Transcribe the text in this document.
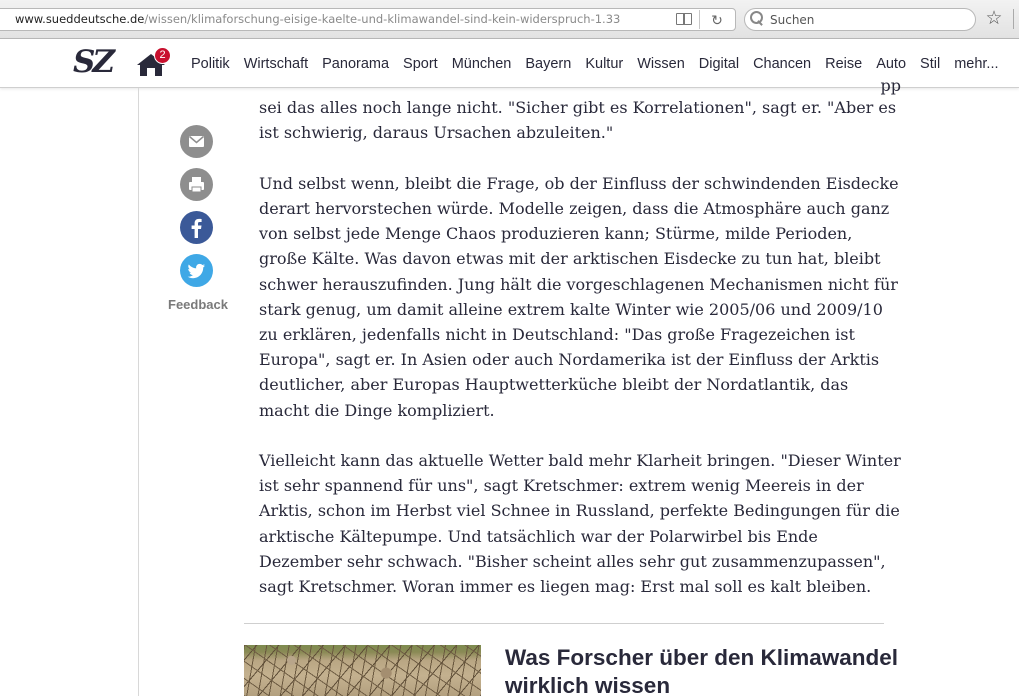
www.sueddeutsche.de/wissen/klimaforschung-eisige-kaelte-und-klimawandel-sind-kein-widerspruch-1.33	↻
Suchen	☆
SZ	2
Politik Wirtschaft Panorama Sport München Bayern Kultur Wissen Digital Chancen Reise Auto Stil mehr...
Feedback
pp

sei das alles noch lange nicht. "Sicher gibt es Korrelationen", sagt er. "Aber es ist schwierig, daraus Ursachen abzuleiten."

Und selbst wenn, bleibt die Frage, ob der Einfluss der schwindenden Eisdecke derart hervorstechen würde. Modelle zeigen, dass die Atmosphäre auch ganz von selbst jede Menge Chaos produzieren kann; Stürme, milde Perioden, große Kälte. Was davon etwas mit der arktischen Eisdecke zu tun hat, bleibt schwer herauszufinden. Jung hält die vorgeschlagenen Mechanismen nicht für stark genug, um damit alleine extrem kalte Winter wie 2005/06 und 2009/10 zu erklären, jedenfalls nicht in Deutschland: "Das große Fragezeichen ist Europa", sagt er. In Asien oder auch Nordamerika ist der Einfluss der Arktis deutlicher, aber Europas Hauptwetterküche bleibt der Nordatlantik, das macht die Dinge kompliziert.

Vielleicht kann das aktuelle Wetter bald mehr Klarheit bringen. "Dieser Winter ist sehr spannend für uns", sagt Kretschmer: extrem wenig Meereis in der Arktis, schon im Herbst viel Schnee in Russland, perfekte Bedingungen für die arktische Kältepumpe. Und tatsächlich war der Polarwirbel bis Ende Dezember sehr schwach. "Bisher scheint alles sehr gut zusammenzupassen", sagt Kretschmer. Woran immer es liegen mag: Erst mal soll es kalt bleiben.

Was Forscher über den Klimawandel wirklich wissen
